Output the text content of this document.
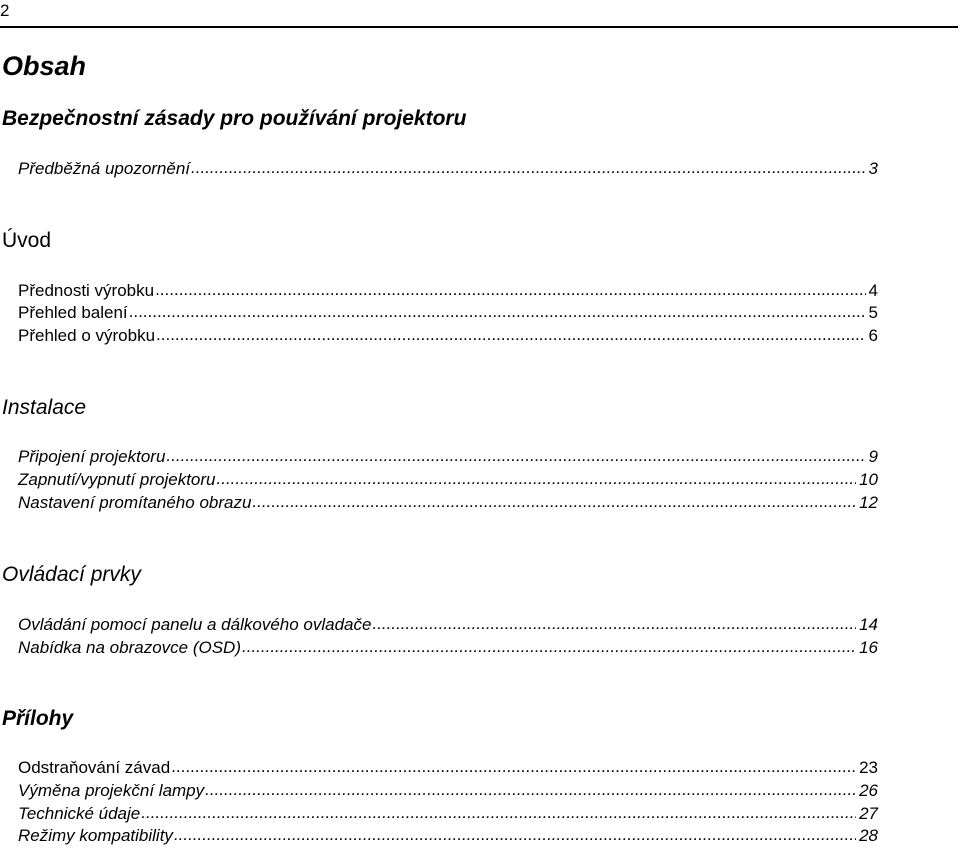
2
Obsah
Bezpečnostní zásady pro používání projektoru
Předběžná upozornění .....	3
Úvod
Přednosti výrobku .....	4
Přehled balení .....	5
Přehled o výrobku .....	6
Instalace
Připojení projektoru .....	9
Zapnutí/vypnutí projektoru .....	10
Nastavení promítaného obrazu .....	12
Ovládací prvky
Ovládání pomocí panelu a dálkového ovladače .....	14
Nabídka na obrazovce (OSD) .....	16
Přílohy
Odstraňování závad .....	23
Výměna projekční lampy .....	26
Technické údaje .....	27
Režimy kompatibility .....	28
